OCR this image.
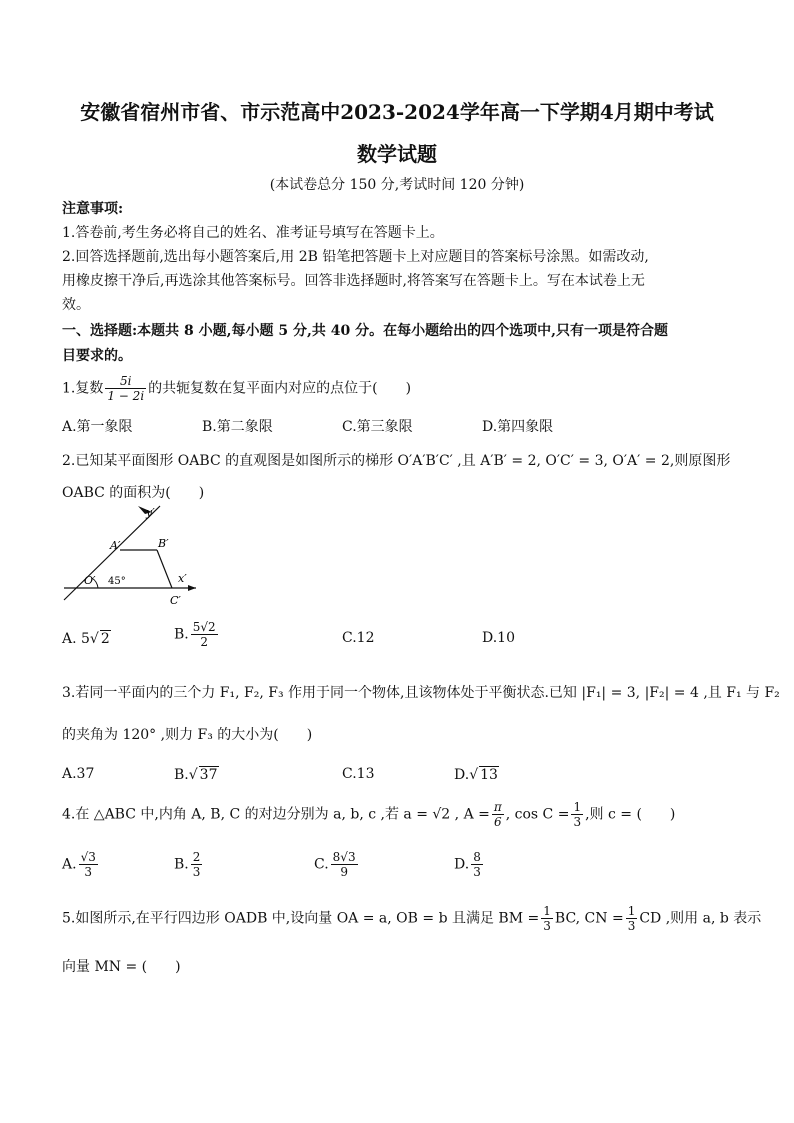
安徽省宿州市省、市示范高中2023-2024学年高一下学期4月期中考试
数学试题
(本试卷总分 150 分,考试时间 120 分钟)
注意事项:
1.答卷前,考生务必将自己的姓名、准考证号填写在答题卡上。
2.回答选择题前,选出每小题答案后,用 2B 铅笔把答题卡上对应题目的答案标号涂黑。如需改动,
用橡皮擦干净后,再选涂其他答案标号。回答非选择题时,将答案写在答题卡上。写在本试卷上无
效。
一、选择题:本题共 8 小题,每小题 5 分,共 40 分。在每小题给出的四个选项中,只有一项是符合题
目要求的。
1.复数 $\frac{5i}{1 - 2i}$ 的共轭复数在复平面内对应的点位于(　　)
A.第一象限	B.第二象限	C.第三象限	D.第四象限
2.已知某平面图形 OABC 的直观图是如图所示的梯形 O′A′B′C′ ,且 A′B′ = 2, O′C′ = 3, O′A′ = 2,则原图形
OABC 的面积为(　　)
y′
A′	B′
O′ 45°	x′
C′
A. 5√ 2	B. $\frac{5√2}{2}$	C.12	D.10
3.若同一平面内的三个力 F₁, F₂, F₃ 作用于同一个物体,且该物体处于平衡状态.已知 |F₁| = 3, |F₂| = 4 ,且 F₁ 与 F₂
的夹角为 120° ,则力 F₃ 的大小为(　　)
A.37	B.√ 37	C.13	D.√ 13
4.在 △ABC 中,内角 A, B, C 的对边分别为 a, b, c ,若 a = √2 , $A = \frac{\pi}{6}$ , $\cos C = \frac{1}{3}$ ,则 c = (　　)
A. $\frac{√3}{3}$	B. $\frac{2}{3}$	C. $\frac{8√3}{9}$	D. $\frac{8}{3}$
5.如图所示,在平行四边形 OADB 中,设向量 OA = a, OB = b 且满足 BM = $\frac{1}{3}$ BC, CN = $\frac{1}{3}$ CD ,则用 a, b 表示
向量 MN = (　　)
